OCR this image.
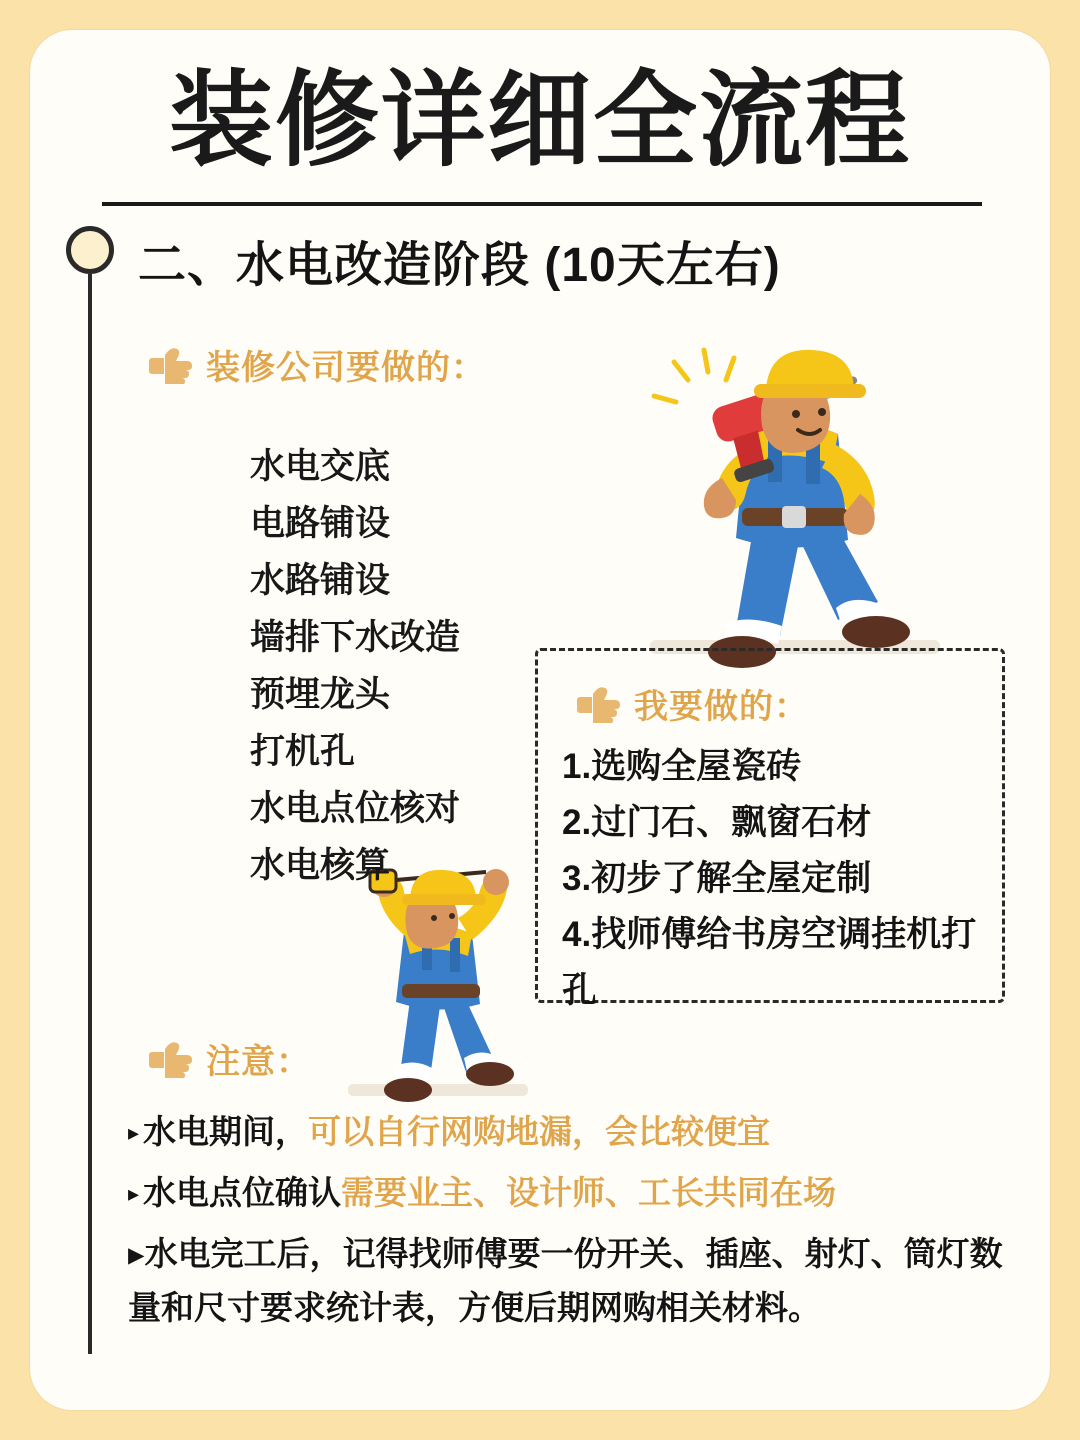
装修详细全流程
二、水电改造阶段 (10天左右)
装修公司要做的：
水电交底
电路铺设
水路铺设
墙排下水改造
预埋龙头
打机孔
水电点位核对
水电核算
我要做的：
1.选购全屋瓷砖
2.过门石、飘窗石材
3.初步了解全屋定制
4.找师傅给书房空调挂机打孔
注意：
▸ 水电期间，可以自行网购地漏，会比较便宜
▸ 水电点位确认需要业主、设计师、工长共同在场
▸水电完工后，记得找师傅要一份开关、插座、射灯、筒灯数量和尺寸要求统计表，方便后期网购相关材料。
